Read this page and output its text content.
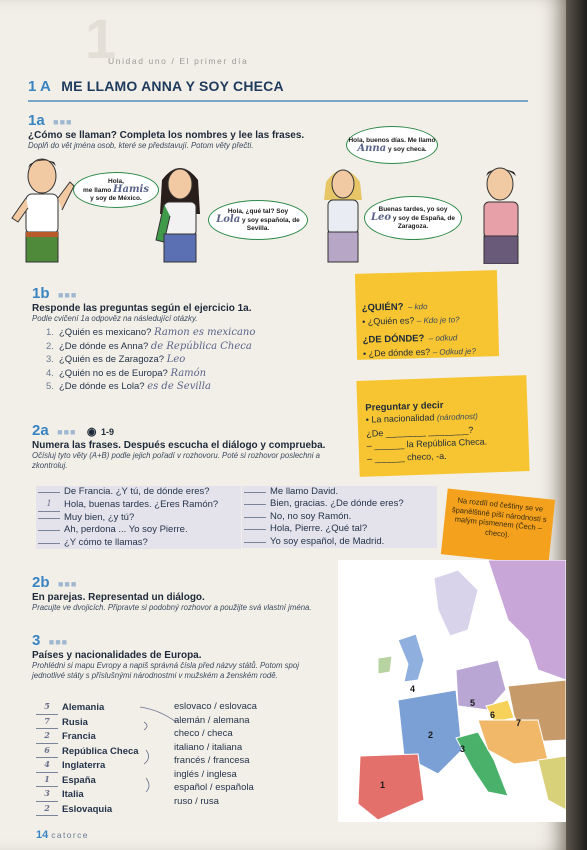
1
Unidad uno / El primer día
1 A ME LLAMO ANNA Y SOY CHECA
1a ■■■
¿Cómo se llaman? Completa los nombres y lee las frases.
Doplň do vět jména osob, které se představují. Potom věty přečti.
Hola,
me llamo Hamis
y soy de México.
Hola, ¿qué tal? Soy
Lola y soy española, de Sevilla.
Hola, buenos días. Me llamo
Anna y soy checa.
Buenas tardes, yo soy
Leo y soy de España, de Zaragoza.
1b ■■■
Responde las preguntas según el ejercicio 1a.
Podle cvičení 1a odpověz na následující otázky.
1. ¿Quién es mexicano? Ramon es mexicano
2. ¿De dónde es Anna? de República Checa
3. ¿Quién es de Zaragoza? Leo
4. ¿Quién no es de Europa? Ramón
5. ¿De dónde es Lola? es de Sevilla
¿QUIÉN? – kdo
• ¿Quién es? – Kdo je to?
¿DE DÓNDE? – odkud
• ¿De dónde es? – Odkud je?
Preguntar y decir
• La nacionalidad (národnost)
¿De ________ ________?
– ______ la República Checa.
– ______ checo, -a.
2a ■■■ ◉ 1-9
Numera las frases. Después escucha el diálogo y comprueba.
Očísluj tyto věty (A+B) podle jejich pořadí v rozhovoru. Poté si rozhovor poslechni a zkontroluj.
De Francia. ¿Y tú, de dónde eres?
1 Hola, buenas tardes. ¿Eres Ramón?
Muy bien, ¿y tú?
Ah, perdona ... Yo soy Pierre.
¿Y cómo te llamas?
Me llamo David.
Bien, gracias. ¿De dónde eres?
No, no soy Ramón.
Hola, Pierre. ¿Qué tal?
Yo soy español, de Madrid.
Na rozdíl od češtiny se ve španělštině píší národnosti s malým písmenem (Čech – checo).
2b ■■■
En parejas. Representad un diálogo.
Pracujte ve dvojicích. Připravte si podobný rozhovor a použijte svá vlastní jména.
3 ■■■
Países y nacionalidades de Europa.
Prohlédni si mapu Evropy a napiš správná čísla před názvy států. Potom spoj jednotlivé státy s příslušnými národnostmi v mužském a ženském rodě.
5 Alemania
7 Rusia
2 Francia
6 República Checa
4 Inglaterra
1 España
3 Italia
2 Eslovaquia
eslovaco / eslovaca
alemán / alemana
checo / checa
italiano / italiana
francés / francesa
inglés / inglesa
español / española
ruso / rusa
1
2
3
4
5
6
7
14 catorce
